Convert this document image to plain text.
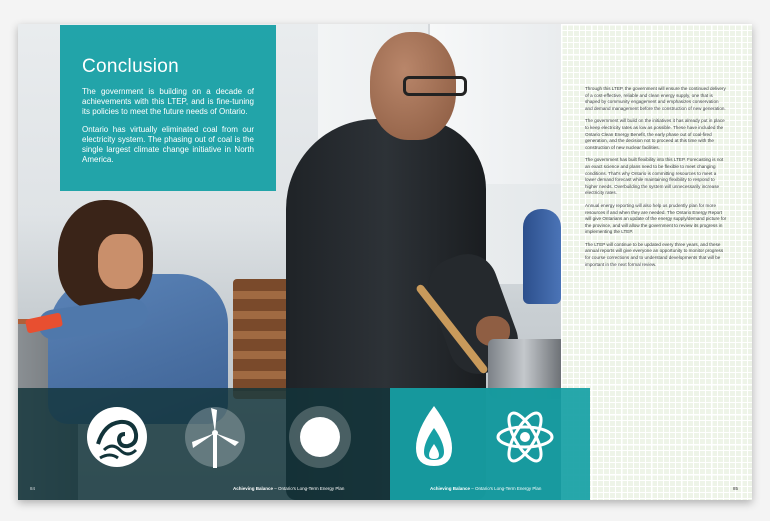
Conclusion

The government is building on a decade of achievements with this LTEP, and is fine-tuning its policies to meet the future needs of Ontario.

Ontario has virtually eliminated coal from our electricity system. The phasing out of coal is the single largest climate change initiative in North America.

Through this LTEP, the government will ensure the continued delivery of a cost-effective, reliable and clean energy supply, one that is shaped by community engagement and emphasizes conservation and demand management before the construction of new generation.

The government will build on the initiatives it has already put in place to keep electricity rates as low as possible. These have included the Ontario Clean Energy Benefit, the early phase out of coal-fired generation, and the decision not to proceed at this time with the construction of new nuclear facilities.

The government has built flexibility into this LTEP. Forecasting is not an exact science and plans need to be flexible to meet changing conditions. That's why Ontario is committing resources to meet a lower demand forecast while maintaining flexibility to respond to higher needs. Overbuilding the system will unnecessarily increase electricity rates.

Annual energy reporting will also help us prudently plan for more resources if and when they are needed. The Ontario Energy Report will give Ontarians an update of the energy supply/demand picture for the province, and will allow the government to review its progress in implementing the LTEP.

The LTEP will continue to be updated every three years, and these annual reports will give everyone an opportunity to monitor progress for course corrections and to understand developments that will be important in the next formal review.

84	Achieving Balance – Ontario's Long-Term Energy Plan	Achieving Balance – Ontario's Long-Term Energy Plan	85
